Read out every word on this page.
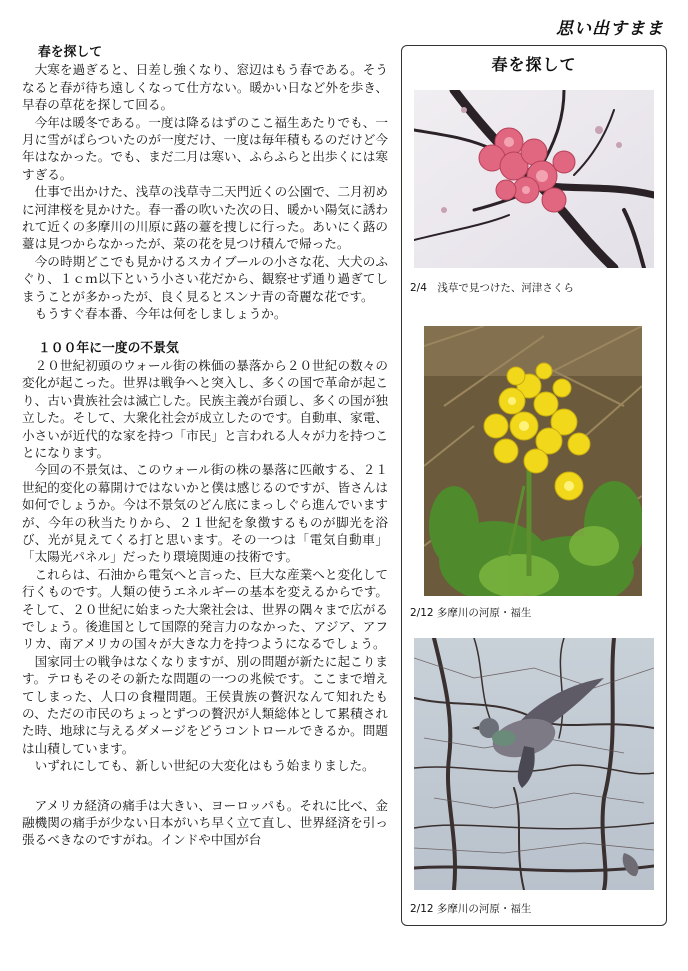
思い出すまま
春を探して

大寒を過ぎると、日差し強くなり、窓辺はもう春である。そうなると春が待ち遠しくなって仕方ない。暖かい日など外を歩き、早春の草花を探して回る。

今年は暖冬である。一度は降るはずのここ福生あたりでも、一月に雪がぱらついたのが一度だけ、一度は毎年積もるのだけど今年はなかった。でも、まだ二月は寒い、ふらふらと出歩くには寒すぎる。

仕事で出かけた、浅草の浅草寺二天門近くの公園で、二月初めに河津桜を見かけた。春一番の吹いた次の日、暖かい陽気に誘われて近くの多摩川の川原に蕗の薹を捜しに行った。あいにく蕗の薹は見つからなかったが、菜の花を見つけ積んで帰った。

今の時期どこでも見かけるスカイブールの小さな花、大犬のふぐり、１ｃｍ以下という小さい花だから、観察せず通り過ぎてしまうことが多かったが、良く見るとスンナ青の奇麗な花です。

もうすぐ春本番、今年は何をしましょうか。

１００年に一度の不景気

２０世紀初頭のウォール街の株価の暴落から２０世紀の数々の変化が起こった。世界は戦争へと突入し、多くの国で革命が起こり、古い貴族社会は滅亡した。民族主義が台頭し、多くの国が独立した。そして、大衆化社会が成立したのです。自動車、家電、小さいが近代的な家を持つ「市民」と言われる人々が力を持つことになります。

今回の不景気は、このウォール街の株の暴落に匹敵する、２１世紀的変化の幕開けではないかと僕は感じるのですが、皆さんは如何でしょうか。今は不景気のどん底にまっしぐら進んでいますが、今年の秋当たりから、２１世紀を象徴するものが脚光を浴び、光が見えてくる打と思います。その一つは「電気自動車」「太陽光パネル」だったり環境関連の技術です。

これらは、石油から電気へと言った、巨大な産業へと変化して行くものです。人類の使うエネルギーの基本を変えるからです。そして、２０世紀に始まった大衆社会は、世界の隅々まで広がるでしょう。後進国として国際的発言力のなかった、アジア、アフリカ、南アメリカの国々が大きな力を持つようになるでしょう。

国家同士の戦争はなくなりますが、別の問題が新たに起こります。テロもそのその新たな問題の一つの兆候です。ここまで増えてしまった、人口の食糧問題。王侯貴族の贅沢なんて知れたもの、ただの市民のちょっとずつの贅沢が人類総体として累積された時、地球に与えるダメージをどうコントロールできるか。問題は山積しています。

いずれにしても、新しい世紀の大変化はもう始まりました。

アメリカ経済の痛手は大きい、ヨーロッパも。それに比べ、金融機関の痛手が少ない日本がいち早く立て直し、世界経済を引っ張るべきなのですがね。インドや中国が台

春を探して
2/4　浅草で見つけた、河津さくら
2/12 多摩川の河原・福生
2/12 多摩川の河原・福生
